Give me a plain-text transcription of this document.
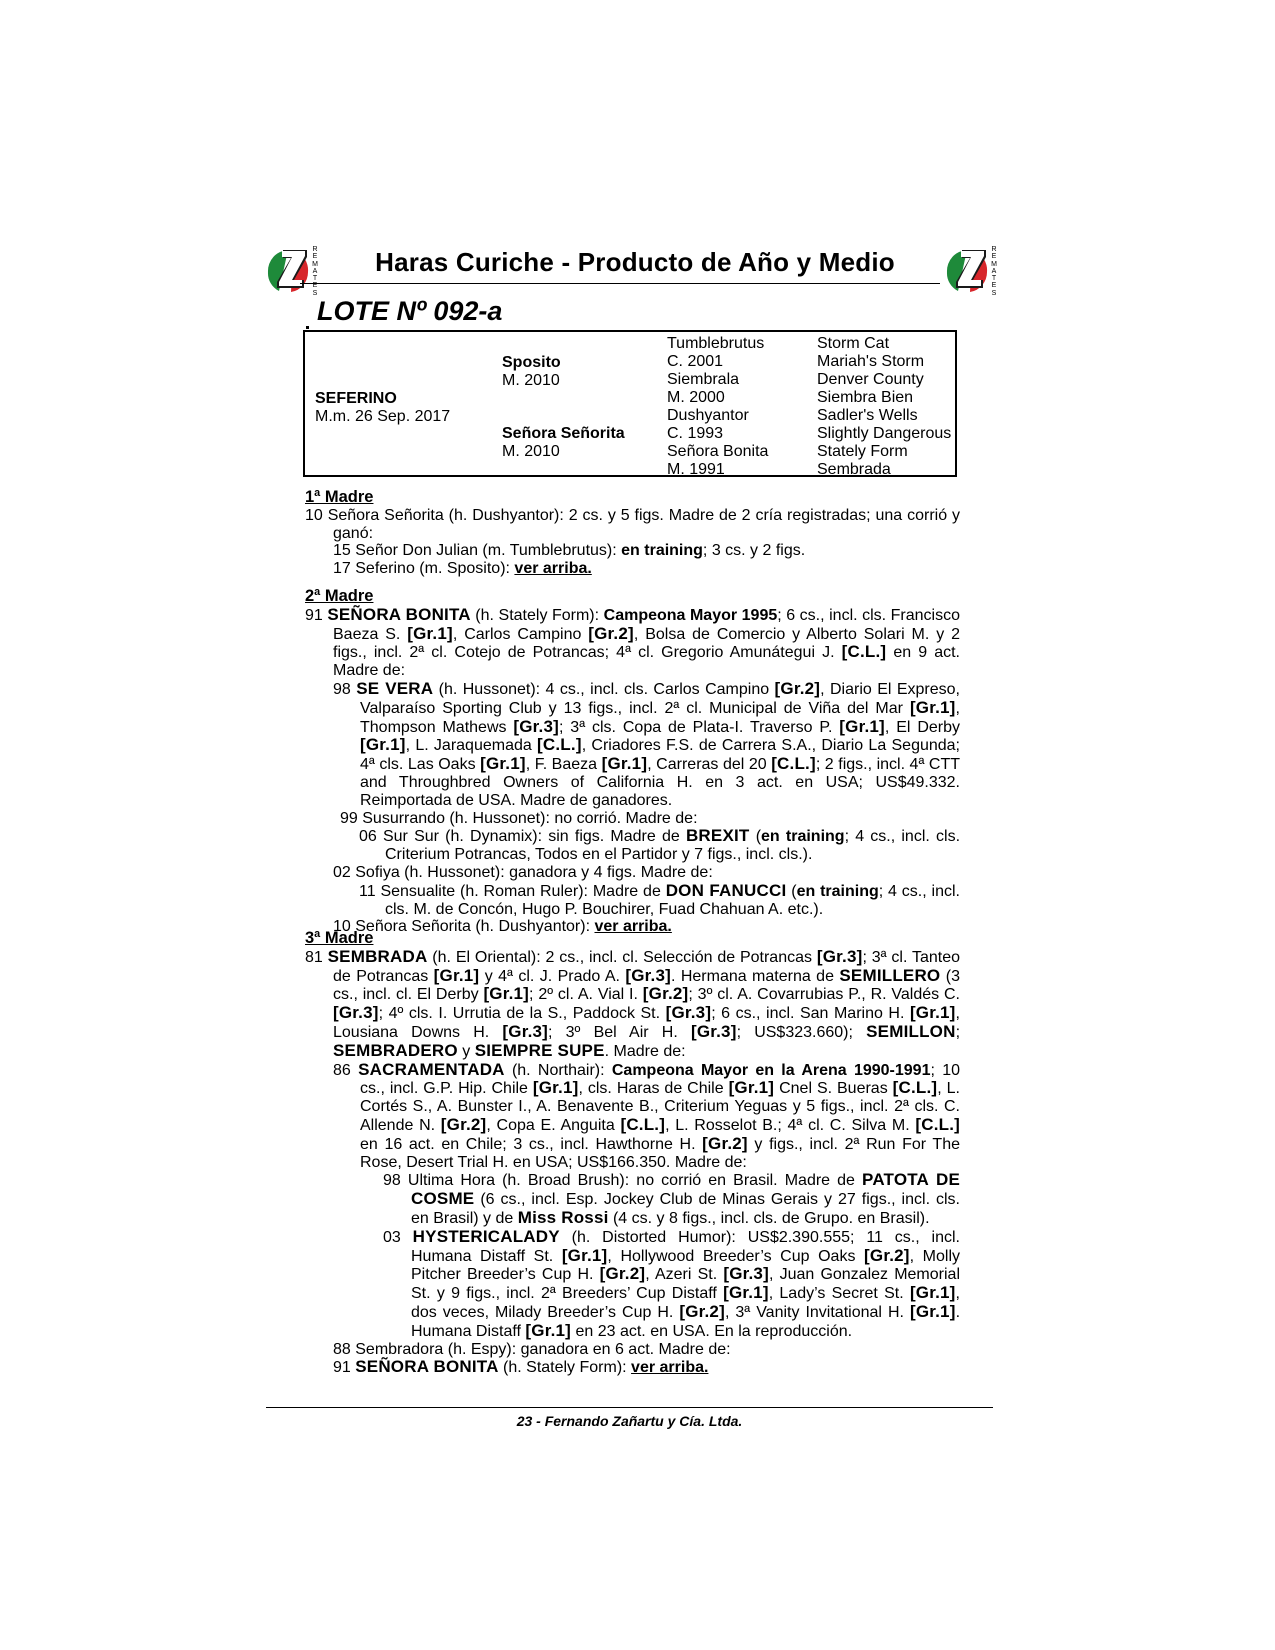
R
E
M
A
T
E
S
R
E
M
A
T
E
S
Haras Curiche - Producto de Año y Medio
LOTE Nº 092-a
SEFERINO
M.m. 26 Sep. 2017
Sposito
M. 2010
Señora Señorita
M. 2010
Tumblebrutus
C. 2001
Siembrala
M. 2000
Dushyantor
C. 1993
Señora Bonita
M. 1991
Storm Cat
Mariah's Storm
Denver County
Siembra Bien
Sadler's Wells
Slightly Dangerous
Stately Form
Sembrada
1ª Madre
10 Señora Señorita (h. Dushyantor): 2 cs. y 5 figs. Madre de 2 cría registradas; una corrió y ganó:
15 Señor Don Julian (m. Tumblebrutus): en training; 3 cs. y 2 figs.
17 Seferino (m. Sposito): ver arriba.
2ª Madre
91 SEÑORA BONITA (h. Stately Form): Campeona Mayor 1995; 6 cs., incl. cls. Francisco Baeza S. [Gr.1], Carlos Campino [Gr.2], Bolsa de Comercio y Alberto Solari M. y 2 figs., incl. 2ª cl. Cotejo de Potrancas; 4ª cl. Gregorio Amunátegui J. [C.L.] en 9 act. Madre de:
98 SE VERA (h. Hussonet): 4 cs., incl. cls. Carlos Campino [Gr.2], Diario El Expreso, Valparaíso Sporting Club y 13 figs., incl. 2ª cl. Municipal de Viña del Mar [Gr.1], Thompson Mathews [Gr.3]; 3ª cls. Copa de Plata-I. Traverso P. [Gr.1], El Derby [Gr.1], L. Jaraquemada [C.L.], Criadores F.S. de Carrera S.A., Diario La Segunda; 4ª cls. Las Oaks [Gr.1], F. Baeza [Gr.1], Carreras del 20 [C.L.]; 2 figs., incl. 4ª CTT and Throughbred Owners of California H. en 3 act. en USA; US$49.332. Reimportada de USA. Madre de ganadores.
99 Susurrando (h. Hussonet): no corrió. Madre de:
06 Sur Sur (h. Dynamix): sin figs. Madre de BREXIT (en training; 4 cs., incl. cls. Criterium Potrancas, Todos en el Partidor y 7 figs., incl. cls.).
02 Sofiya (h. Hussonet): ganadora y 4 figs. Madre de:
11 Sensualite (h. Roman Ruler): Madre de DON FANUCCI (en training; 4 cs., incl. cls. M. de Concón, Hugo P. Bouchirer, Fuad Chahuan A. etc.).
10 Señora Señorita (h. Dushyantor): ver arriba.
3ª Madre
81 SEMBRADA (h. El Oriental): 2 cs., incl. cl. Selección de Potrancas [Gr.3]; 3ª cl. Tanteo de Potrancas [Gr.1] y 4ª cl. J. Prado A. [Gr.3]. Hermana materna de SEMILLERO (3 cs., incl. cl. El Derby [Gr.1]; 2º cl. A. Vial I. [Gr.2]; 3º cl. A. Covarrubias P., R. Valdés C. [Gr.3]; 4º cls. I. Urrutia de la S., Paddock St. [Gr.3]; 6 cs., incl. San Marino H. [Gr.1], Lousiana Downs H. [Gr.3]; 3º Bel Air H. [Gr.3]; US$323.660); SEMILLON; SEMBRADERO y SIEMPRE SUPE. Madre de:
86 SACRAMENTADA (h. Northair): Campeona Mayor en la Arena 1990-1991; 10 cs., incl. G.P. Hip. Chile [Gr.1], cls. Haras de Chile [Gr.1] Cnel S. Bueras [C.L.], L. Cortés S., A. Bunster I., A. Benavente B., Criterium Yeguas y 5 figs., incl. 2ª cls. C. Allende N. [Gr.2], Copa E. Anguita [C.L.], L. Rosselot B.; 4ª cl. C. Silva M. [C.L.] en 16 act. en Chile; 3 cs., incl. Hawthorne H. [Gr.2] y figs., incl. 2ª Run For The Rose, Desert Trial H. en USA; US$166.350. Madre de:
98 Ultima Hora (h. Broad Brush): no corrió en Brasil. Madre de PATOTA DE COSME (6 cs., incl. Esp. Jockey Club de Minas Gerais y 27 figs., incl. cls. en Brasil) y de Miss Rossi (4 cs. y 8 figs., incl. cls. de Grupo. en Brasil).
03 HYSTERICALADY (h. Distorted Humor): US$2.390.555; 11 cs., incl. Humana Distaff St. [Gr.1], Hollywood Breeder’s Cup Oaks [Gr.2], Molly Pitcher Breeder’s Cup H. [Gr.2], Azeri St. [Gr.3], Juan Gonzalez Memorial St. y 9 figs., incl. 2ª Breeders’ Cup Distaff [Gr.1], Lady’s Secret St. [Gr.1], dos veces, Milady Breeder’s Cup H. [Gr.2], 3ª Vanity Invitational H. [Gr.1]. Humana Distaff [Gr.1] en 23 act. en USA. En la reproducción.
88 Sembradora (h. Espy): ganadora en 6 act. Madre de:
91 SEÑORA BONITA (h. Stately Form): ver arriba.
23 - Fernando Zañartu y Cía. Ltda.
